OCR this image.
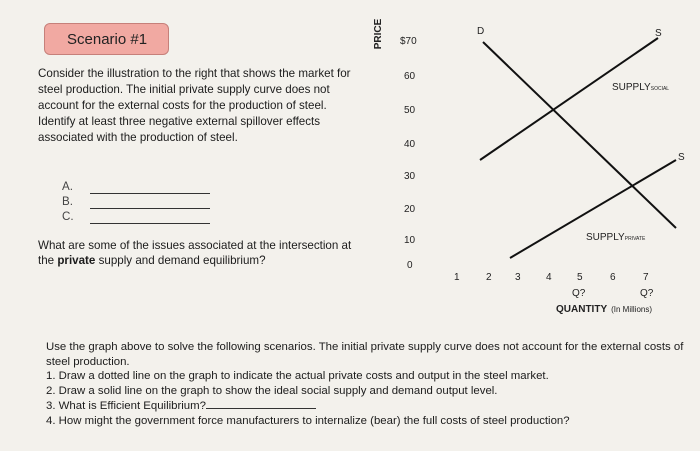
Scenario #1

Consider the illustration to the right that shows the market for steel production. The initial private supply curve does not account for the external costs for the production of steel. Identify at least three negative external spillover effects associated with the production of steel.

A.
B.
C.

What are some of the issues associated at the intersection at the private supply and demand equilibrium?

PRICE $70
60
50
40
30
20
10
0
1	2 3	4	5	6	7
Q?	Q?
QUANTITY (In Millions)
D	S
S
SUPPLYSOCIAL
SUPPLYPRIVATE

Use the graph above to solve the following scenarios. The initial private supply curve does not account for the external costs of steel production.

1. Draw a dotted line on the graph to indicate the actual private costs and output in the steel market.
2. Draw a solid line on the graph to show the ideal social supply and demand output level.
3. What is Efficient Equilibrium?
4. How might the government force manufacturers to internalize (bear) the full costs of steel production?
